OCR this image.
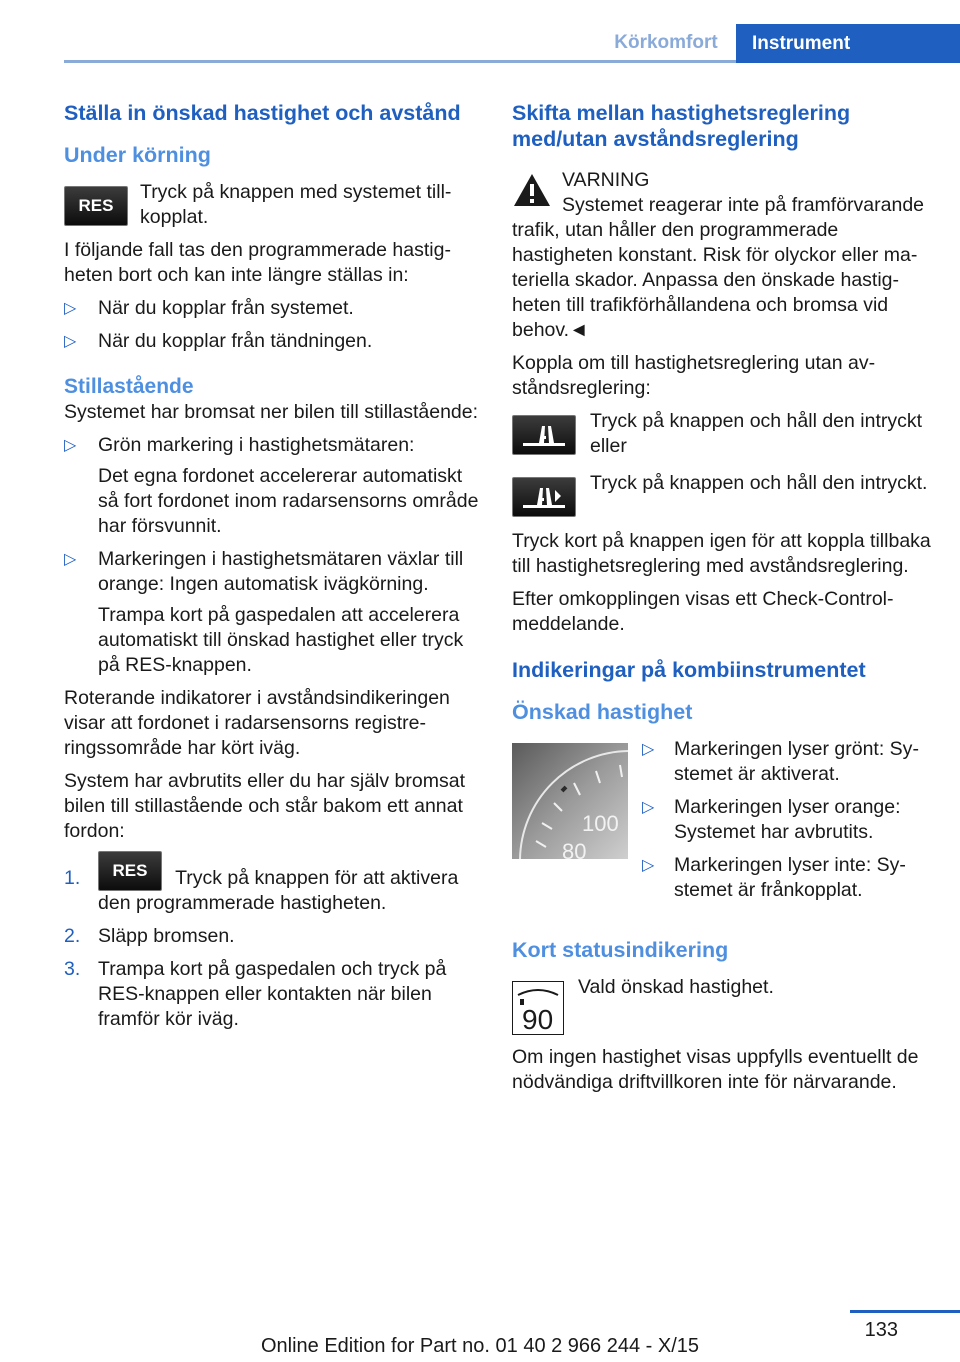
Körkomfort	Instrument
Ställa in önskad hastighet och avstånd
Under körning
RES

Tryck på knappen med systemet tillkopplat.

I följande fall tas den programmerade hastigheten bort och kan inte längre ställas in:

▷ När du kopplar från systemet.
▷ När du kopplar från tändningen.
Stillastående

Systemet har bromsat ner bilen till stillastående:

▷ Grön markering i hastighetsmätaren:

Det egna fordonet accelererar automatiskt så fort fordonet inom radarsensorns område har försvunnit.

▷ Markeringen i hastighetsmätaren växlar till orange: Ingen automatisk ivägkörning.

Trampa kort på gaspedalen att accelerera automatiskt till önskad hastighet eller tryck på RES-knappen.

Roterande indikatorer i avståndsindikeringen visar att fordonet i radarsensorns registreringssområde har kört iväg.

System har avbrutits eller du har själv bromsat bilen till stillastående och står bakom ett annat fordon:

1. RES Tryck på knappen för att aktivera den programmerade hastigheten.
2. Släpp bromsen.
3. Trampa kort på gaspedalen och tryck på RES-knappen eller kontakten när bilen framför kör iväg.
Skifta mellan hastighetsreglering med/utan avståndsreglering

VARNING

Systemet reagerar inte på framförvarande trafik, utan håller den programmerade hastigheten konstant. Risk för olyckor eller materiella skador. Anpassa den önskade hastigheten till trafikförhållandena och bromsa vid behov.◄

Koppla om till hastighetsreglering utan avståndsreglering:

Tryck på knappen och håll den intryckt eller
Tryck på knappen och håll den intryckt.

Tryck kort på knappen igen för att koppla tillbaka till hastighetsreglering med avståndsreglering.

Efter omkopplingen visas ett Check-Control-meddelande.

Indikeringar på kombiinstrumentet
Önskad hastighet
100
80
▷ Markeringen lyser grönt: Systemet är aktiverat.
▷ Markeringen lyser orange: Systemet har avbrutits.
▷ Markeringen lyser inte: Systemet är frånkopplat.
Kort statusindikering
90

Vald önskad hastighet.

Om ingen hastighet visas uppfylls eventuellt de nödvändiga driftvillkoren inte för närvarande.

133
Online Edition for Part no. 01 40 2 966 244 - X/15
